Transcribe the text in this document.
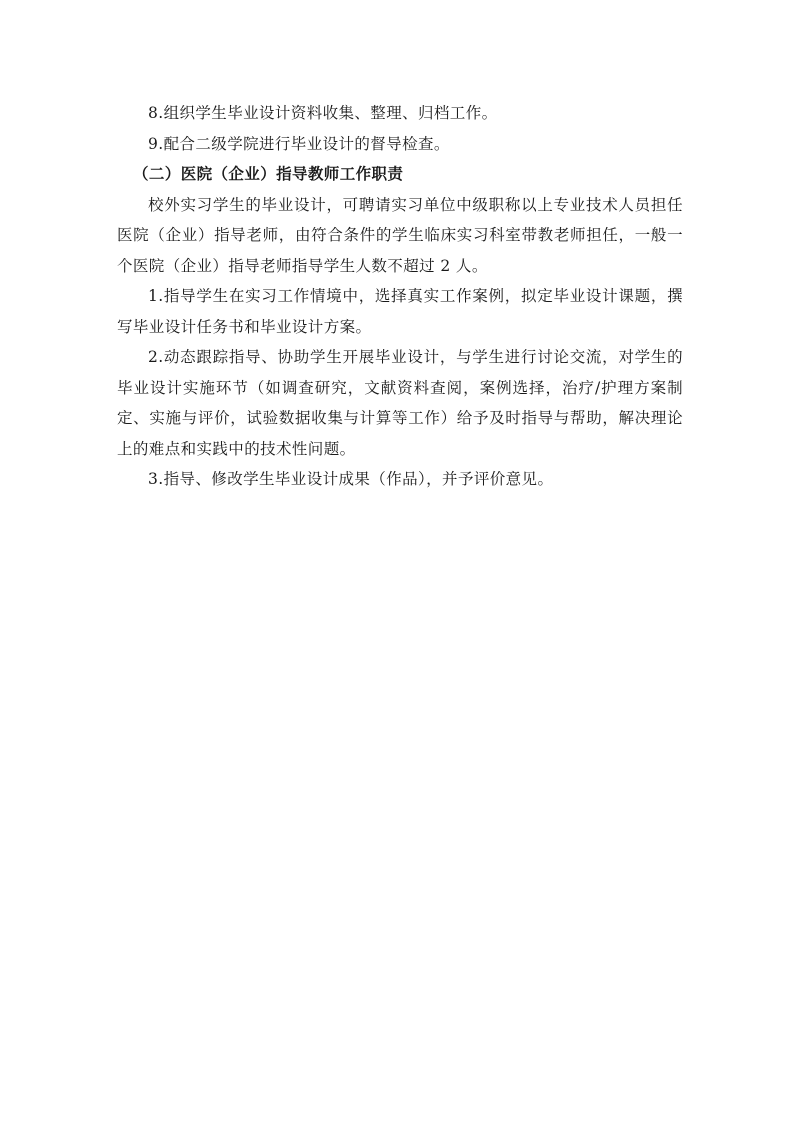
8.组织学生毕业设计资料收集、整理、归档工作。

9.配合二级学院进行毕业设计的督导检查。

（二）医院（企业）指导教师工作职责

校外实习学生的毕业设计，可聘请实习单位中级职称以上专业技术人员担任医院（企业）指导老师，由符合条件的学生临床实习科室带教老师担任，一般一个医院（企业）指导老师指导学生人数不超过 2 人。

1.指导学生在实习工作情境中，选择真实工作案例，拟定毕业设计课题，撰写毕业设计任务书和毕业设计方案。

2.动态跟踪指导、协助学生开展毕业设计，与学生进行讨论交流，对学生的毕业设计实施环节（如调查研究，文献资料查阅，案例选择，治疗/护理方案制定、实施与评价，试验数据收集与计算等工作）给予及时指导与帮助，解决理论上的难点和实践中的技术性问题。

3.指导、修改学生毕业设计成果（作品），并予评价意见。
